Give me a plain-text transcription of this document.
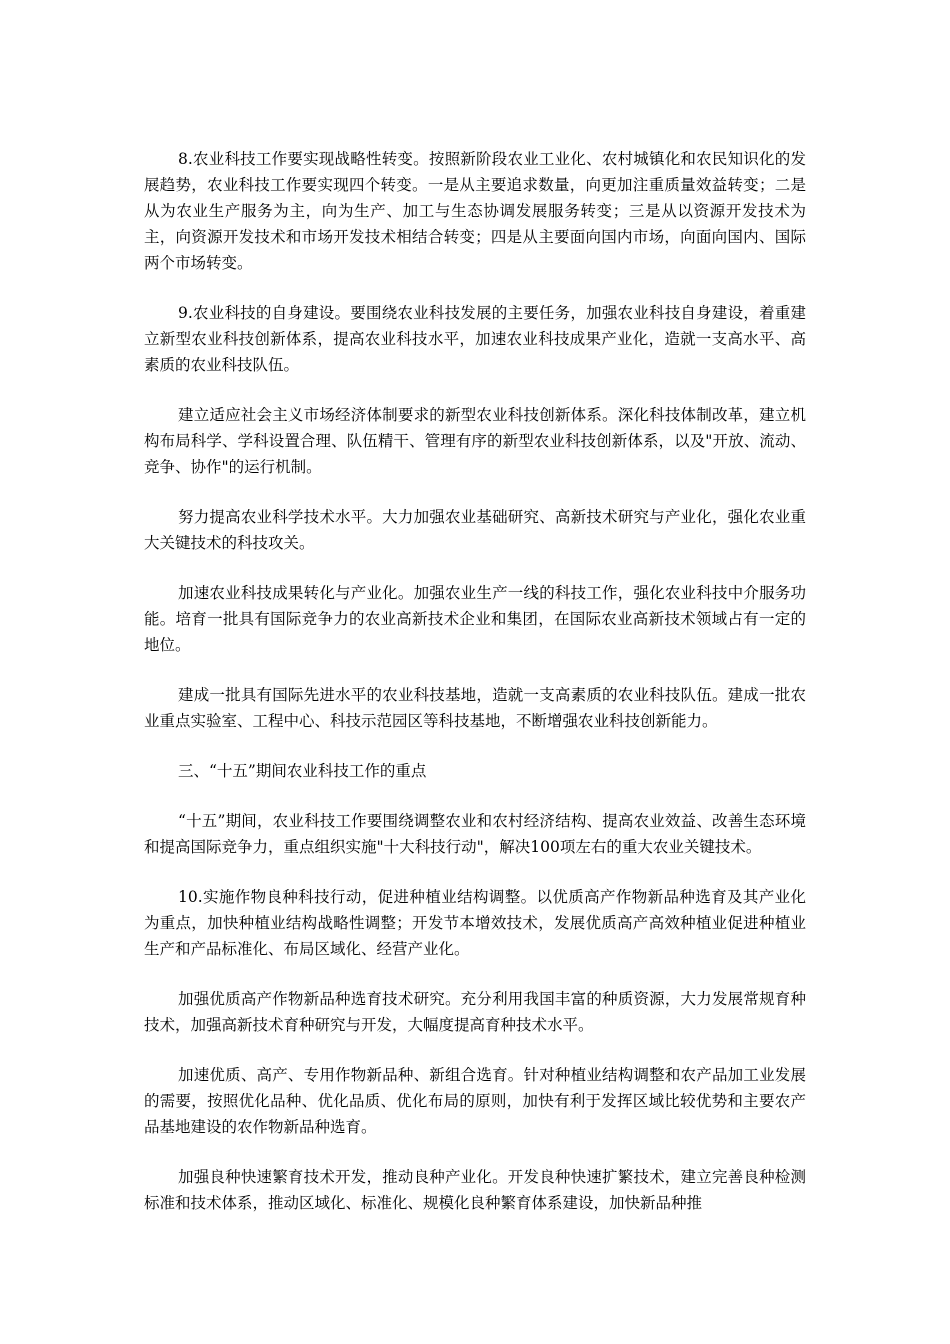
8.农业科技工作要实现战略性转变。按照新阶段农业工业化、农村城镇化和农民知识化的发展趋势，农业科技工作要实现四个转变。一是从主要追求数量，向更加注重质量效益转变；二是从为农业生产服务为主，向为生产、加工与生态协调发展服务转变；三是从以资源开发技术为主，向资源开发技术和市场开发技术相结合转变；四是从主要面向国内市场，向面向国内、国际两个市场转变。

9.农业科技的自身建设。要围绕农业科技发展的主要任务，加强农业科技自身建设，着重建立新型农业科技创新体系，提高农业科技水平，加速农业科技成果产业化，造就一支高水平、高素质的农业科技队伍。

建立适应社会主义市场经济体制要求的新型农业科技创新体系。深化科技体制改革，建立机构布局科学、学科设置合理、队伍精干、管理有序的新型农业科技创新体系，以及"开放、流动、竞争、协作"的运行机制。

努力提高农业科学技术水平。大力加强农业基础研究、高新技术研究与产业化，强化农业重大关键技术的科技攻关。

加速农业科技成果转化与产业化。加强农业生产一线的科技工作，强化农业科技中介服务功能。培育一批具有国际竞争力的农业高新技术企业和集团，在国际农业高新技术领域占有一定的地位。

建成一批具有国际先进水平的农业科技基地，造就一支高素质的农业科技队伍。建成一批农业重点实验室、工程中心、科技示范园区等科技基地，不断增强农业科技创新能力。

三、“十五”期间农业科技工作的重点

“十五”期间，农业科技工作要围绕调整农业和农村经济结构、提高农业效益、改善生态环境和提高国际竞争力，重点组织实施"十大科技行动"，解决100项左右的重大农业关键技术。

10.实施作物良种科技行动，促进种植业结构调整。以优质高产作物新品种选育及其产业化为重点，加快种植业结构战略性调整；开发节本增效技术，发展优质高产高效种植业促进种植业生产和产品标准化、布局区域化、经营产业化。

加强优质高产作物新品种选育技术研究。充分利用我国丰富的种质资源，大力发展常规育种技术，加强高新技术育种研究与开发，大幅度提高育种技术水平。

加速优质、高产、专用作物新品种、新组合选育。针对种植业结构调整和农产品加工业发展的需要，按照优化品种、优化品质、优化布局的原则，加快有利于发挥区域比较优势和主要农产品基地建设的农作物新品种选育。

加强良种快速繁育技术开发，推动良种产业化。开发良种快速扩繁技术，建立完善良种检测标准和技术体系，推动区域化、标准化、规模化良种繁育体系建设，加快新品种推
